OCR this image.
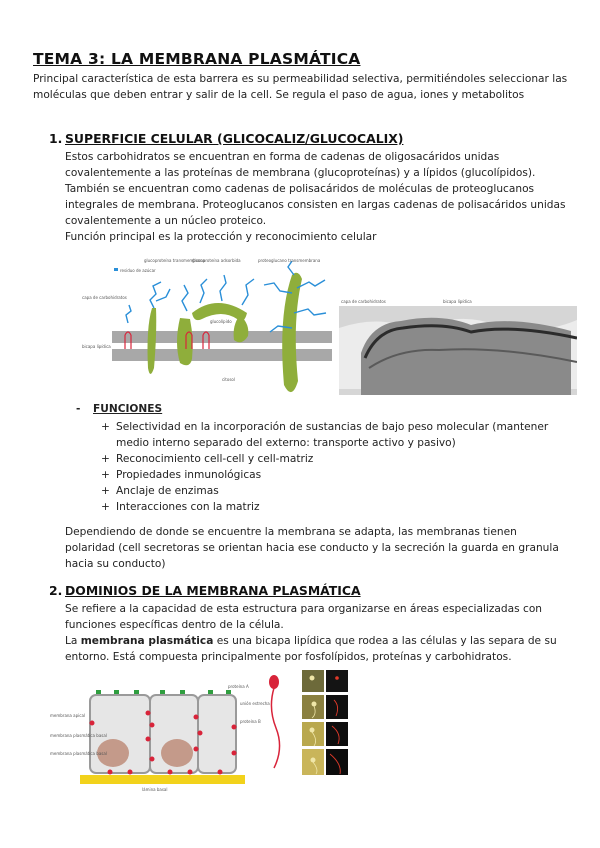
TEMA 3: LA MEMBRANA PLASMÁTICA

Principal característica de esta barrera es su permeabilidad selectiva, permitiéndoles seleccionar las moléculas que deben entrar y salir de la cell. Se regula el paso de agua, iones y metabolitos

1. SUPERFICIE CELULAR (GLICOCALIZ/GLUCOCALIX)

Estos carbohidratos se encuentran en forma de cadenas de oligosacáridos unidas covalentemente a las proteínas de membrana (glucoproteínas) y a lípidos (glucolípidos).

También se encuentran como cadenas de polisacáridos de moléculas de proteoglucanos integrales de membrana. Proteoglucanos consisten en largas cadenas de polisacáridos unidas covalentemente a un núcleo proteico.

Función principal es la protección y reconocimiento celular

residuo de azúcar
glucoproteína transmembrana
glucoproteína adsorbida	proteoglucano transmembrana
capa de carbohidratos
glucolípido
bicapa lipídica
citosol
capa de carbohidratos	bicapa lipídica
- FUNCIONES
+ Selectividad en la incorporación de sustancias de bajo peso molecular (mantener medio interno separado del externo: transporte activo y pasivo)
+ Reconocimiento cell-cell y cell-matriz
+ Propiedades inmunológicas
+ Anclaje de enzimas
+ Interacciones con la matriz

Dependiendo de donde se encuentre la membrana se adapta, las membranas tienen polaridad (cell secretoras se orientan hacia ese conducto y la secreción la guarda en granula hacia su conducto)

2. DOMINIOS DE LA MEMBRANA PLASMÁTICA

Se refiere a la capacidad de esta estructura para organizarse en áreas especializadas con funciones específicas dentro de la célula.

La membrana plasmática es una bicapa lipídica que rodea a las células y las separa de su entorno. Está compuesta principalmente por fosfolípidos, proteínas y carbohidratos.

membrana apical
membrana plasmática basal
membrana plasmática basal
proteína A
unión estrecha
proteína B
lámina basal
